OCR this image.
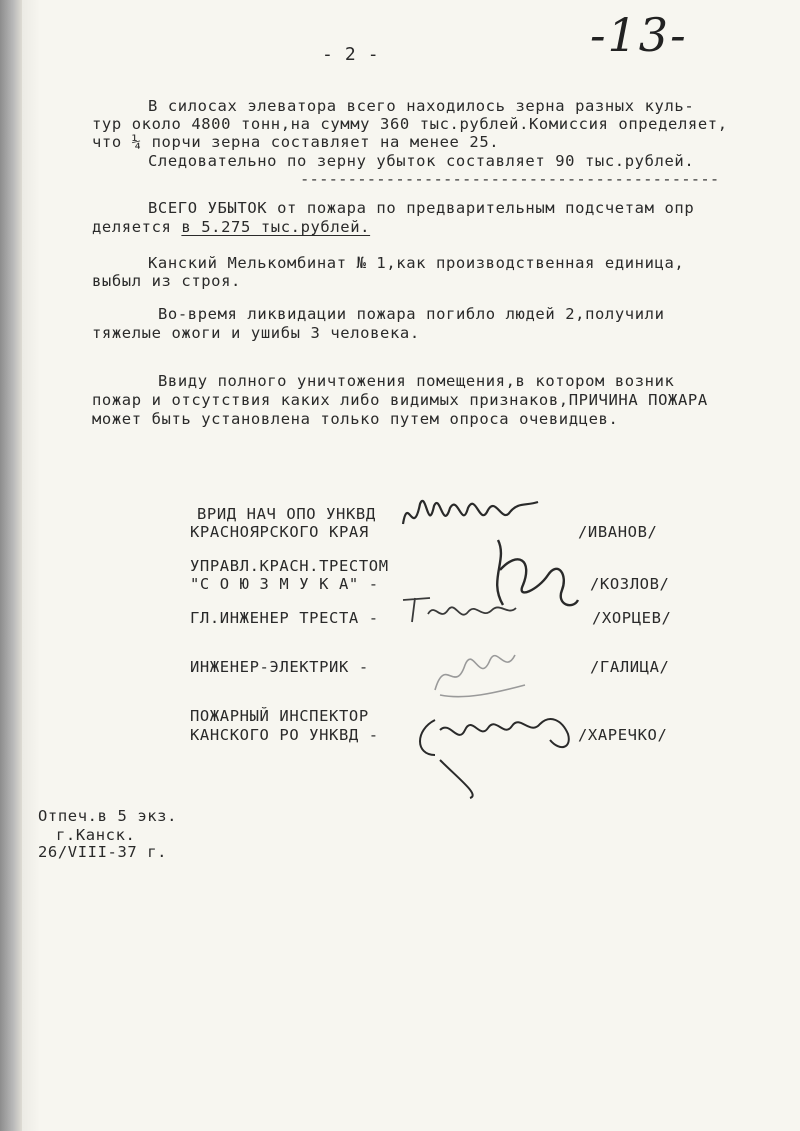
- 2 -	-13-
В силосах элеватора всего находилось зерна разных куль-
тур около 4800 тонн,на сумму 360 тыс.рублей.Комиссия определяет,
что ¼ порчи зерна составляет на менее 25.
Следовательно по зерну убыток составляет 90 тыс.рублей.
--------------------------------------------
ВСЕГО УБЫТОК от пожара по предварительным подсчетам опр
деляется в 5.275 тыс.рублей.
Канский Мелькомбинат № 1,как производственная единица,
выбыл из строя.
Во-время ликвидации пожара погибло людей 2,получили
тяжелые ожоги и ушибы 3 человека.
Ввиду полного уничтожения помещения,в котором возник
пожар и отсутствия каких либо видимых признаков,ПРИЧИНА ПОЖАРА
может быть установлена только путем опроса очевидцев.
ВРИД НАЧ ОПО УНКВД
КРАСНОЯРСКОГО КРАЯ	/ИВАНОВ/
УПРАВЛ.КРАСН.ТРЕСТОМ
"С О Ю З М У К А" -	/КОЗЛОВ/
ГЛ.ИНЖЕНЕР ТРЕСТА -	/ХОРЦЕВ/
ИНЖЕНЕР-ЭЛЕКТРИК -	/ГАЛИЦА/
ПОЖАРНЫЙ ИНСПЕКТОР
КАНСКОГО РО УНКВД -	/ХАРЕЧКО/
Отпеч.в 5 экз.
г.Канск.
26/VIII-37 г.
